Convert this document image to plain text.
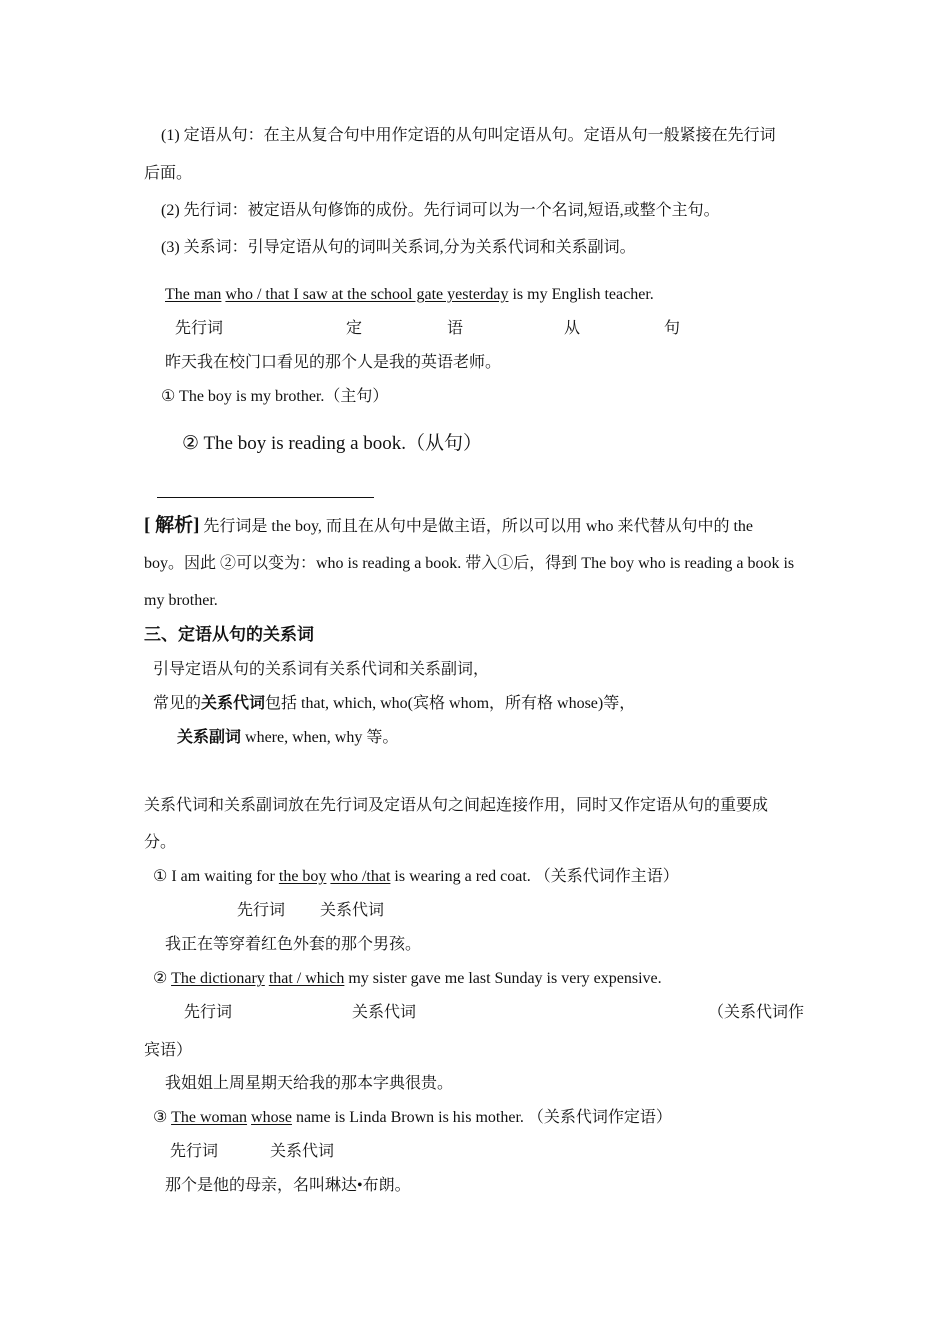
(1) 定语从句：在主从复合句中用作定语的从句叫定语从句。定语从句一般紧接在先行词
后面。
(2) 先行词：被定语从句修饰的成份。先行词可以为一个名词,短语,或整个主句。
(3) 关系词：引导定语从句的词叫关系词,分为关系代词和关系副词。
The man who / that I saw at the school gate yesterday is my English teacher.
先行词	定	语	从	句
昨天我在校门口看见的那个人是我的英语老师。
① The boy is my brother.（主句）
② The boy is reading a book.（从句）
[ 解析] 先行词是 the boy, 而且在从句中是做主语，所以可以用 who 来代替从句中的 the
boy。因此 ②可以变为：who is reading a book. 带入①后，得到 The boy who is reading a book is
my brother.
三、定语从句的关系词
引导定语从句的关系词有关系代词和关系副词，
常见的关系代词包括 that, which, who(宾格 whom，所有格 whose)等，
关系副词 where, when, why 等。
关系代词和关系副词放在先行词及定语从句之间起连接作用，同时又作定语从句的重要成
分。
① I am waiting for the boy who /that is wearing a red coat. （关系代词作主语）
先行词 关系代词
我正在等穿着红色外套的那个男孩。
② The dictionary that / which my sister gave me last Sunday is very expensive.
先行词	关系代词	（关系代词作
宾语）
我姐姐上周星期天给我的那本字典很贵。
③ The woman whose name is Linda Brown is his mother. （关系代词作定语）
先行词	关系代词
那个是他的母亲，名叫琳达•布朗。
